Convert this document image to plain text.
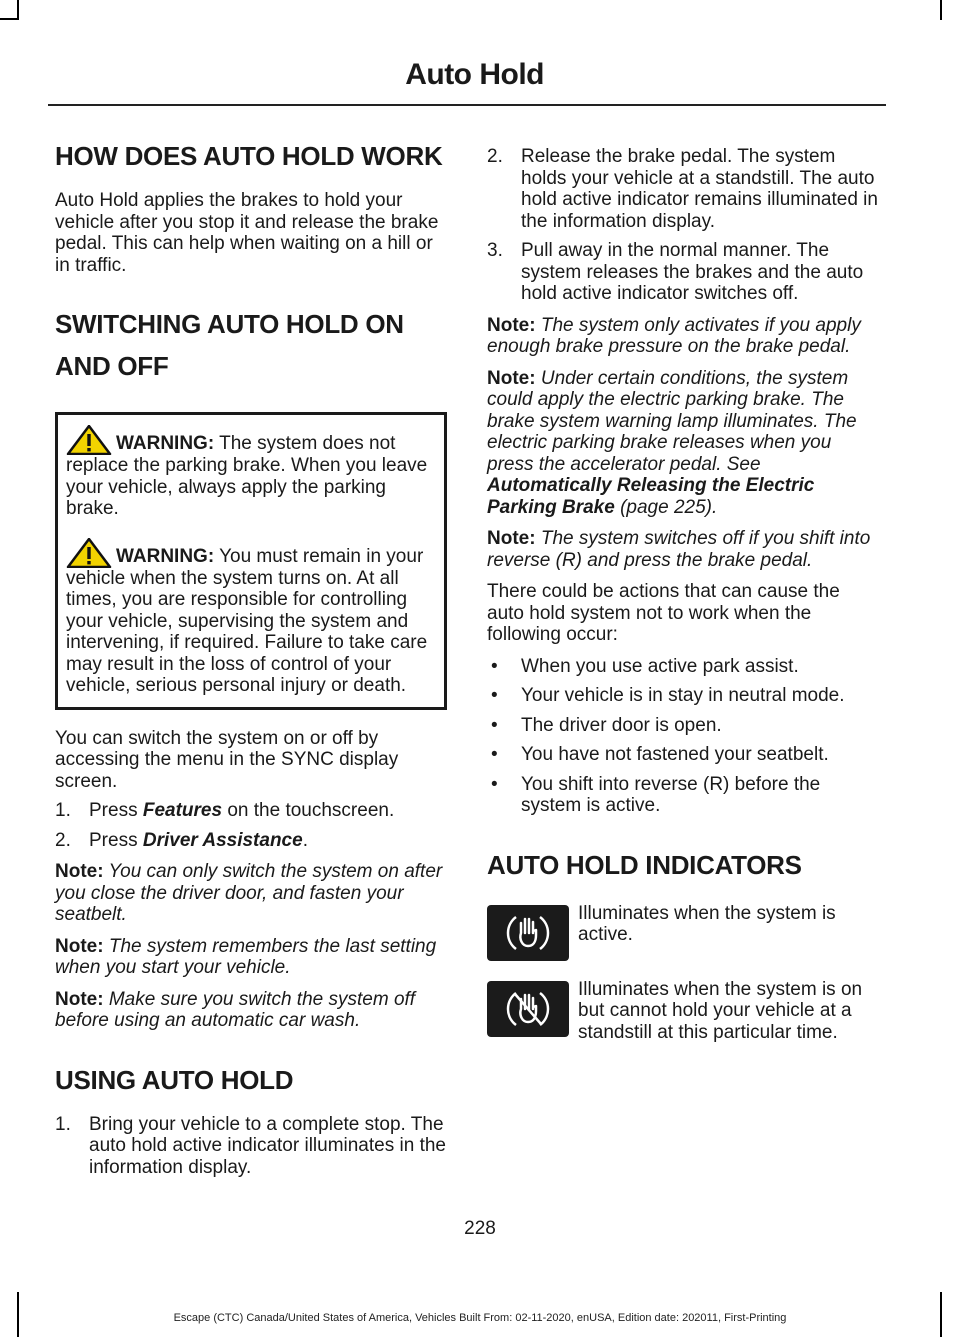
Auto Hold
HOW DOES AUTO HOLD WORK

Auto Hold applies the brakes to hold your vehicle after you stop it and release the brake pedal. This can help when waiting on a hill or in traffic.

SWITCHING AUTO HOLD ON
AND OFF
WARNING: The system does not replace the parking brake. When you leave your vehicle, always apply the parking brake.
WARNING: You must remain in your vehicle when the system turns on. At all times, you are responsible for controlling your vehicle, supervising the system and intervening, if required. Failure to take care may result in the loss of control of your vehicle, serious personal injury or death.

You can switch the system on or off by accessing the menu in the SYNC display screen.

1. Press Features on the touchscreen.
2. Press Driver Assistance.

Note: You can only switch the system on after you close the driver door, and fasten your seatbelt.

Note: The system remembers the last setting when you start your vehicle.

Note: Make sure you switch the system off before using an automatic car wash.

USING AUTO HOLD
1. Bring your vehicle to a complete stop. The auto hold active indicator illuminates in the information display.
2. Release the brake pedal. The system holds your vehicle at a standstill. The auto hold active indicator remains illuminated in the information display.
3. Pull away in the normal manner. The system releases the brakes and the auto hold active indicator switches off.

Note: The system only activates if you apply enough brake pressure on the brake pedal.

Note: Under certain conditions, the system could apply the electric parking brake. The brake system warning lamp illuminates. The electric parking brake releases when you press the accelerator pedal. See Automatically Releasing the Electric Parking Brake (page 225).

Note: The system switches off if you shift into reverse (R) and press the brake pedal.

There could be actions that can cause the auto hold system not to work when the following occur:

• When you use active park assist.
• Your vehicle is in stay in neutral mode.
• The driver door is open.
• You have not fastened your seatbelt.
• You shift into reverse (R) before the system is active.
AUTO HOLD INDICATORS

Illuminates when the system is active.

Illuminates when the system is on but cannot hold your vehicle at a standstill at this particular time.

228
Escape (CTC) Canada/United States of America, Vehicles Built From: 02-11-2020, enUSA, Edition date: 202011, First-Printing
